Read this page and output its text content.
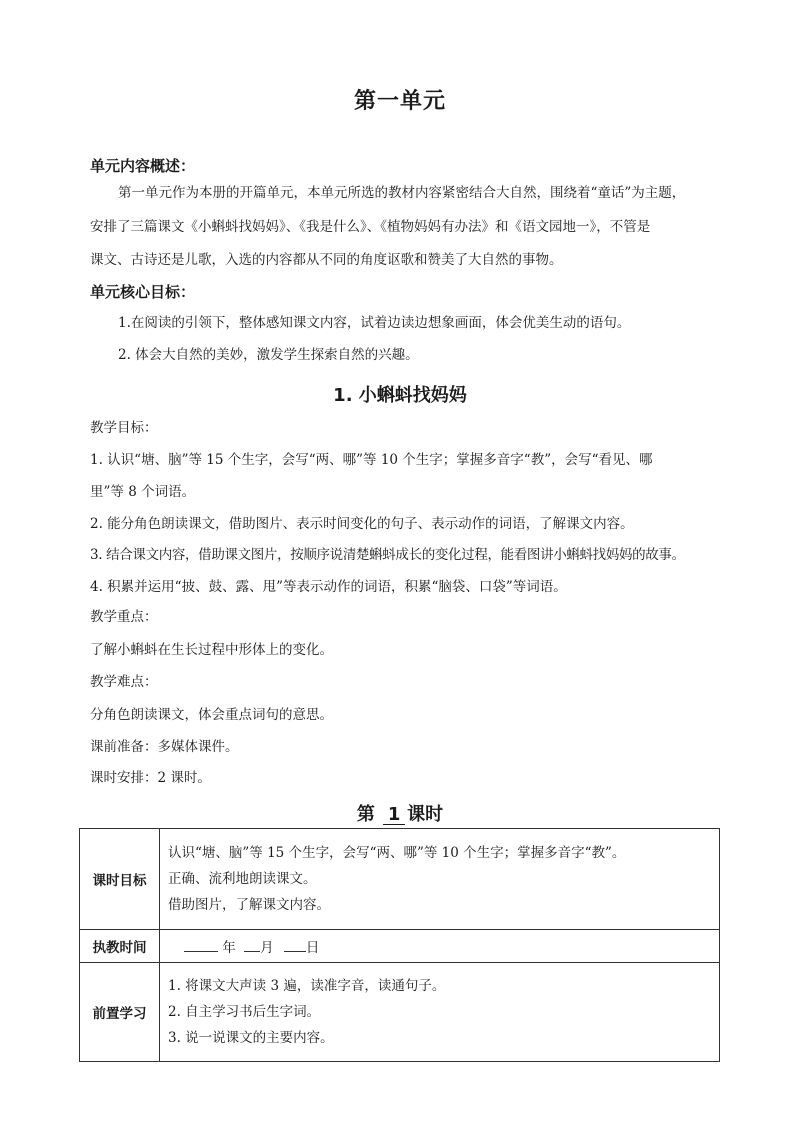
第一单元
单元内容概述：
第一单元作为本册的开篇单元，本单元所选的教材内容紧密结合大自然，围绕着“童话”为主题，
安排了三篇课文《小蝌蚪找妈妈》、《我是什么》、《植物妈妈有办法》和《语文园地一》，不管是
课文、古诗还是儿歌，入选的内容都从不同的角度讴歌和赞美了大自然的事物。
单元核心目标：
1.在阅读的引领下，整体感知课文内容，试着边读边想象画面，体会优美生动的语句。
2. 体会大自然的美妙，激发学生探索自然的兴趣。
1. 小蝌蚪找妈妈
教学目标：
1. 认识“塘、脑”等 15 个生字，会写“两、哪”等 10 个生字；掌握多音字“教”，会写“看见、哪
里”等 8 个词语。
2. 能分角色朗读课文，借助图片、表示时间变化的句子、表示动作的词语，了解课文内容。
3. 结合课文内容，借助课文图片，按顺序说清楚蝌蚪成长的变化过程，能看图讲小蝌蚪找妈妈的故事。
4. 积累并运用“披、鼓、露、甩”等表示动作的词语，积累“脑袋、口袋”等词语。
教学重点：
了解小蝌蚪在生长过程中形体上的变化。
教学难点：
分角色朗读课文，体会重点词句的意思。
课前准备：多媒体课件。
课时安排：2 课时。
第 1 课时
课时目标	认识“塘、脑”等 15 个生字，会写“两、哪”等 10 个生字；掌握多音字“教”。
正确、流利地朗读课文。
借助图片，了解课文内容。

执教时间	年 月 日
前置学习	1. 将课文大声读 3 遍，读准字音，读通句子。
2. 自主学习书后生字词。
3. 说一说课文的主要内容。
